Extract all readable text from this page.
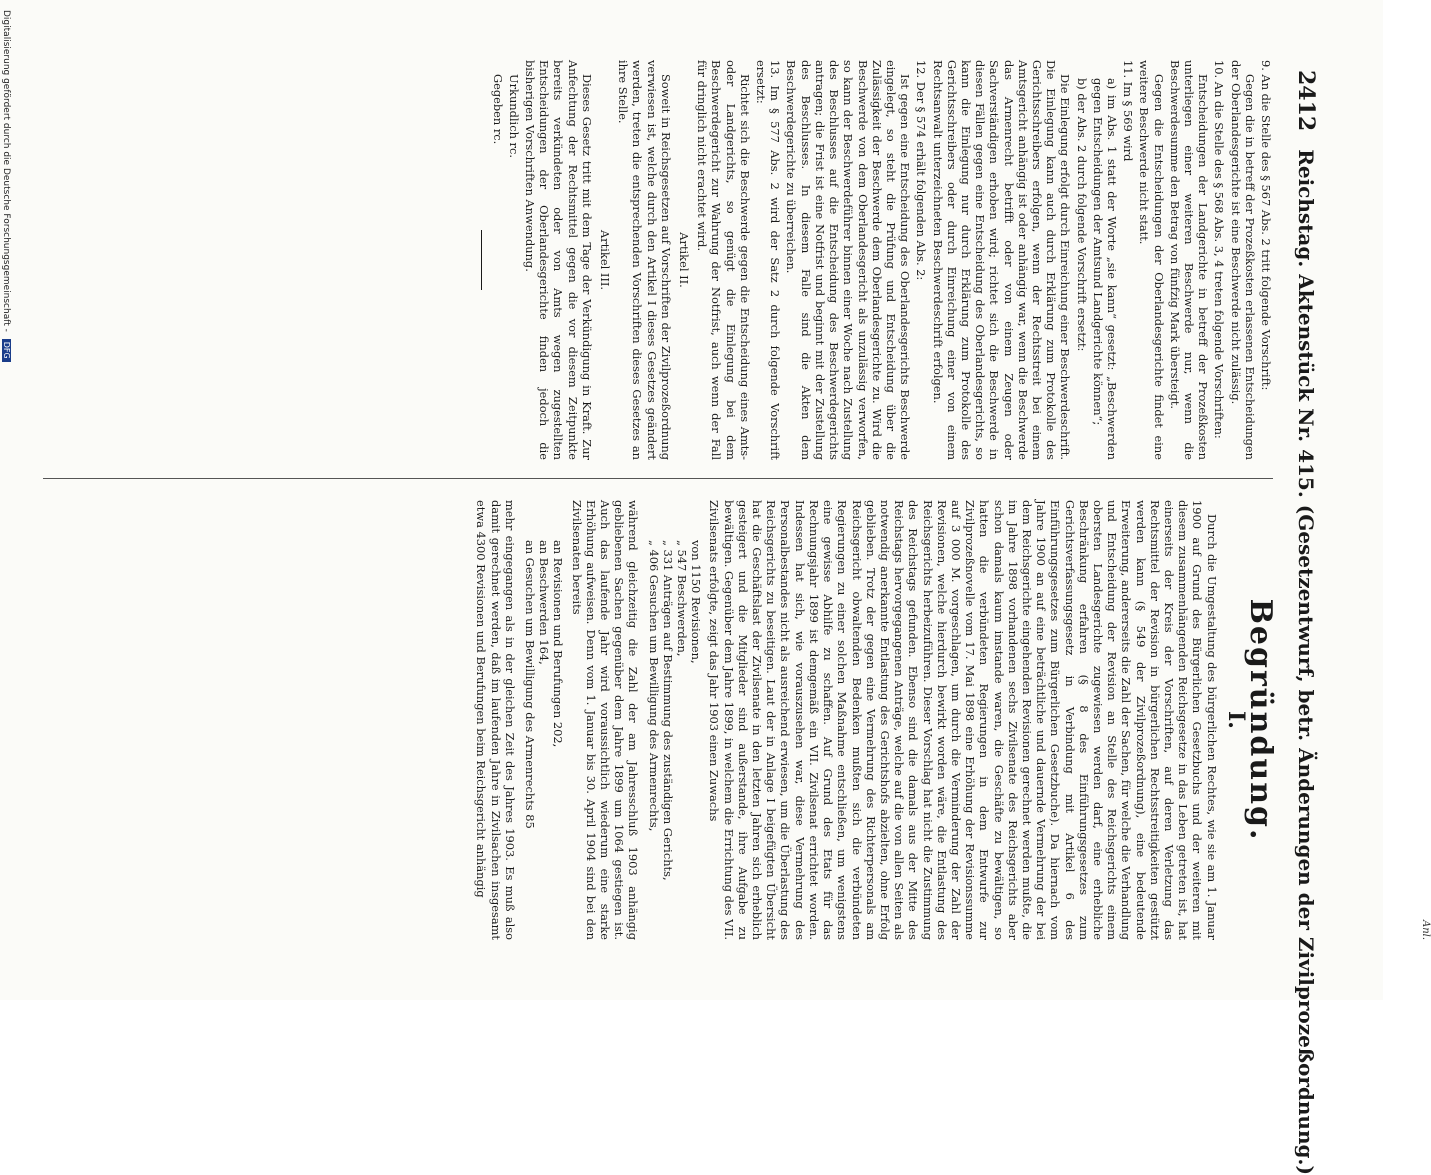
2412
Reichstag. Aktenstück Nr. 415. (Gesetzentwurf, betr. Änderungen der Zivilprozeßordnung.)

9. An die Stelle des § 567 Abs. 2 tritt folgende Vorschrift:

Gegen die in betreff der Prozeßkosten erlassenen Entscheidungen der Oberlandesgerichte ist eine Beschwerde nicht zulässig.

10. An die Stelle des § 568 Abs. 3, 4 treten folgende Vorschriften:

Entscheidungen der Landgerichte in betreff der Prozeßkosten unterliegen einer weiteren Beschwerde nur, wenn die Beschwerdesumme den Betrag von fünfzig Mark übersteigt.

Gegen die Entscheidungen der Oberlandesgerichte findet eine weitere Beschwerde nicht statt.

11. Im § 569 wird

a) im Abs. 1 statt der Worte „sie kann“ gesetzt: „Beschwerden gegen Entscheidungen der Amtsund Landgerichte können“;

b) der Abs. 2 durch folgende Vorschrift ersetzt:

Die Einlegung erfolgt durch Einreichung einer Beschwerdeschrift. Die Einlegung kann auch durch Erklärung zum Protokolle des Gerichtsschreibers erfolgen, wenn der Rechtsstreit bei einem Amtsgericht anhängig ist oder anhängig war, wenn die Beschwerde das Armenrecht betrifft oder von einem Zeugen oder Sachverständigen erhoben wird; richtet sich die Beschwerde in diesen Fällen gegen eine Entscheidung des Oberlandesgerichts, so kann die Einlegung nur durch Erklärung zum Protokolle des Gerichtsschreibers oder durch Einreichung einer von einem Rechtsanwalt unterzeichneten Beschwerdeschrift erfolgen.

12. Der § 574 erhält folgenden Abs. 2:

Ist gegen eine Entscheidung des Oberlandesgerichts Beschwerde eingelegt, so steht die Prüfung und Entscheidung über die Zulässigkeit der Beschwerde dem Oberlandesgerichte zu. Wird die Beschwerde von dem Oberlandesgericht als unzulässig verworfen, so kann der Beschwerdeführer binnen einer Woche nach Zustellung des Beschlusses auf die Entscheidung des Beschwerdegerichts antragen; die Frist ist eine Notfrist und beginnt mit der Zustellung des Beschlusses. In diesem Falle sind die Akten dem Beschwerdegerichte zu überreichen.

13. Im § 577 Abs. 2 wird der Satz 2 durch folgende Vorschrift ersetzt:

Richtet sich die Beschwerde gegen die Entscheidung eines Amts- oder Landgerichts, so genügt die Einlegung bei dem Beschwerdegericht zur Wahrung der Notfrist, auch wenn der Fall für dringlich nicht erachtet wird.

Artikel II.

Soweit in Reichsgesetzen auf Vorschriften der Zivilprozeßordnung verwiesen ist, welche durch den Artikel I dieses Gesetzes geändert werden, treten die entsprechenden Vorschriften dieses Gesetzes an ihre Stelle.

Artikel III.

Dieses Gesetz tritt mit dem Tage der Verkündigung in Kraft. Zur Anfechtung der Rechtsmittel gegen die vor diesem Zeitpunkte bereits verkündeten oder von Amts wegen zugestellten Entscheidungen der Oberlandesgerichte finden jedoch die bisherigen Vorschriften Anwendung.

Urkundlich rc.

Gegeben rc.

Begründung.
I.

Durch die Umgestaltung des bürgerlichen Rechtes, wie sie am 1. Januar 1900 auf Grund des Bürgerlichen Gesetzbuchs und der weiteren mit diesem zusammenhängenden Reichsgesetze in das Leben getreten ist, hat einerseits der Kreis der Vorschriften, auf deren Verletzung das Rechtsmittel der Revision in bürgerlichen Rechtsstreitigkeiten gestützt werden kann (§ 549 der Zivilprozeßordnung), eine bedeutende Erweiterung, andererseits die Zahl der Sachen, für welche die Verhandlung und Entscheidung der Revision an Stelle des Reichsgerichts einem obersten Landesgerichte zugewiesen werden darf, eine erhebliche Beschränkung erfahren (§ 8 des Einführungsgesetzes zum Gerichtsverfassungsgesetz in Verbindung mit Artikel 6 des Einführungsgesetzes zum Bürgerlichen Gesetzbuche). Da hiernach vom Jahre 1900 an auf eine beträchtliche und dauernde Vermehrung der bei dem Reichsgerichte eingehenden Revisionen gerechnet werden mußte, die im Jahre 1898 vorhandenen sechs Zivilsenate des Reichsgerichts aber schon damals kaum imstande waren, die Geschäfte zu bewältigen, so hatten die verbündeten Regierungen in dem Entwurfe zur Zivilprozeßnovelle vom 17. Mai 1898 eine Erhöhung der Revisionssumme auf 3 000 M. vorgeschlagen, um durch die Verminderung der Zahl der Revisionen, welche hierdurch bewirkt worden wäre, die Entlastung des Reichsgerichts herbeizuführen. Dieser Vorschlag hat nicht die Zustimmung des Reichstags gefunden. Ebenso sind die damals aus der Mitte des Reichstags hervorgegangenen Anträge, welche auf die von allen Seiten als notwendig anerkannte Entlastung des Gerichtshofs abzielten, ohne Erfolg geblieben. Trotz der gegen eine Vermehrung des Richterpersonals am Reichsgericht obwaltenden Bedenken mußten sich die verbündeten Regierungen zu einer solchen Maßnahme entschließen, um wenigstens eine gewisse Abhilfe zu schaffen. Auf Grund des Etats für das Rechnungsjahr 1899 ist demgemäß ein VII. Zivilsenat errichtet worden. Indessen hat sich, wie vorauszusehen war, diese Vermehrung des Personalbestandes nicht als ausreichend erwiesen, um die Überlastung des Reichsgerichts zu beseitigen. Laut der in Anlage I beigefügten Übersicht hat die Geschäftslast der Zivilsenate in den letzten Jahren sich erheblich gesteigert und die Mitglieder sind außerstande, ihre Aufgabe zu bewältigen. Gegenüber dem Jahre 1899, in welchem die Errichtung des VII. Zivilsenats erfolgte, zeigt das Jahr 1903 einen Zuwachs

von 1150 Revisionen,
„ 547 Beschwerden,
„ 331 Anträgen auf Bestimmung des zuständigen Gerichts,
„ 406 Gesuchen um Bewilligung des Armenrechts,

während gleichzeitig die Zahl der am Jahresschluß 1903 anhängig gebliebenen Sachen gegenüber dem Jahre 1899 um 1064 gestiegen ist. Auch das laufende Jahr wird voraussichtlich wiederum eine starke Erhöhung aufweisen. Denn vom 1. Januar bis 30. April 1904 sind bei den Zivilsenaten bereits

an Revisionen und Berufungen 202,
an Beschwerden 164,
an Gesuchen um Bewilligung des Armenrechts 85

mehr eingegangen als in der gleichen Zeit des Jahres 1903. Es muß also damit gerechnet werden, daß im laufenden Jahre in Zivilsachen insgesamt etwa 4300 Revisionen und Berufungen beim Reichsgericht anhängig

Anl.
Digitalisierung gefördert durch die Deutsche Forschungsgemeinschaft - DFG
